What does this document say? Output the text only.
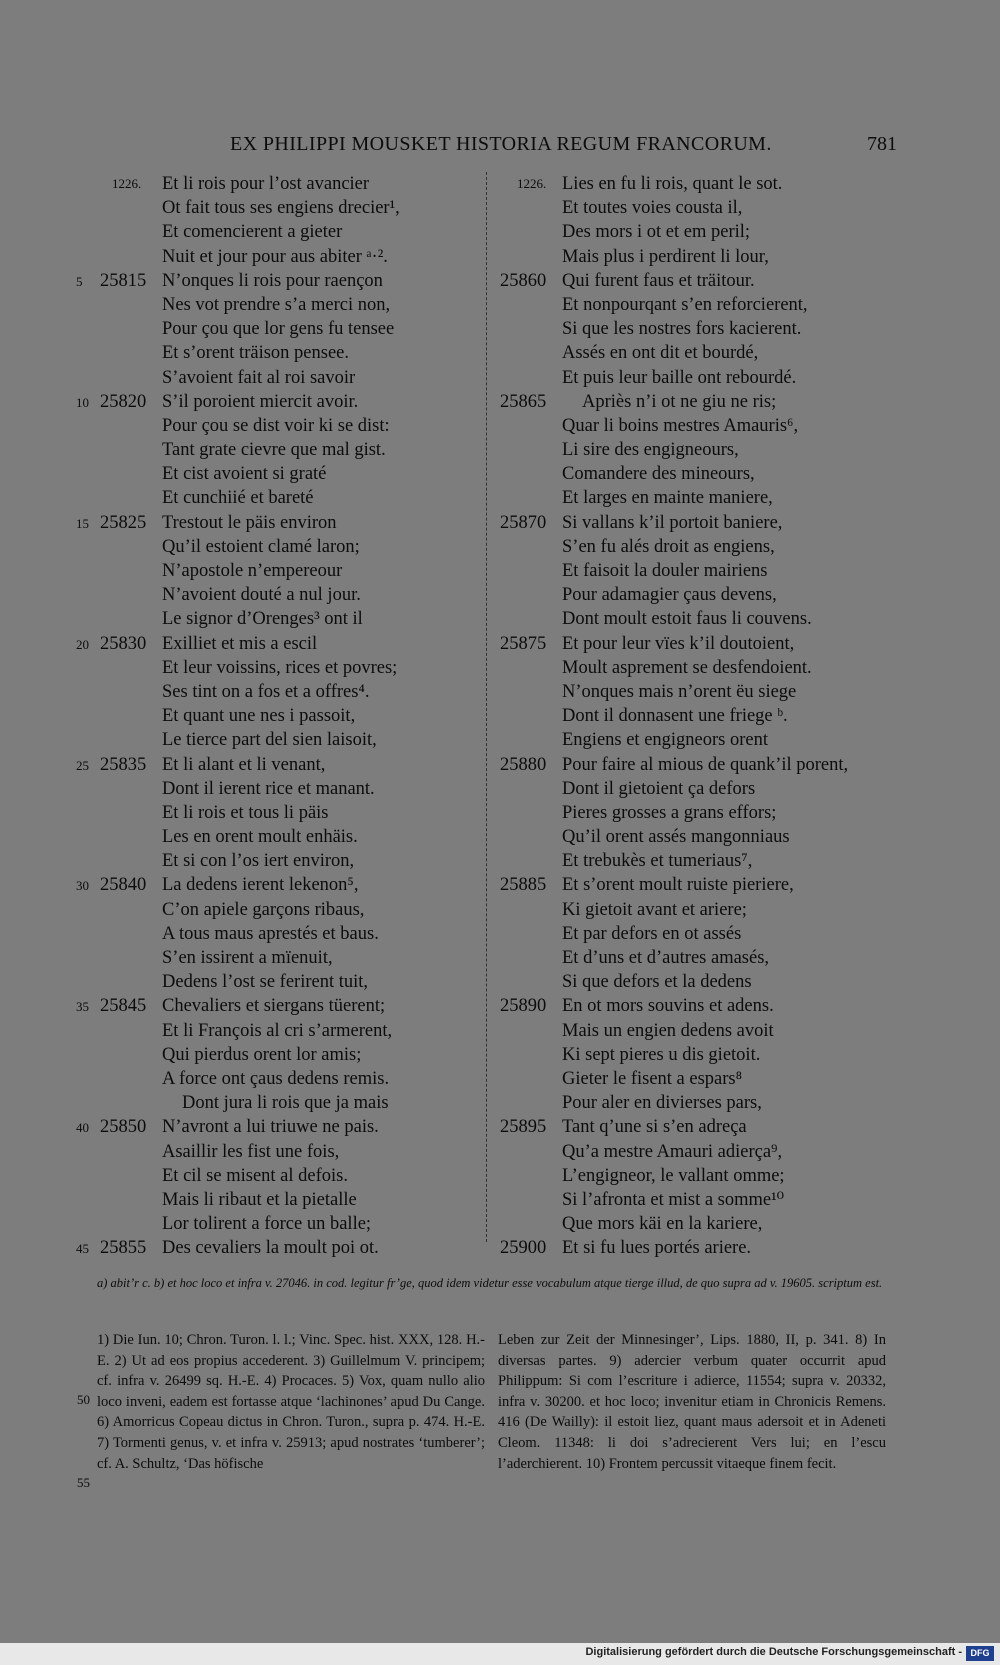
EX PHILIPPI MOUSKET HISTORIA REGUM FRANCORUM.	781
1226. Et li rois pour l’ost avancier
Ot fait tous ses engiens drecier¹,
Et comencierent a gieter
Nuit et jour pour aus abiter ᵃ·².
5 25815 N’onques li rois pour raençon
Nes vot prendre s’a merci non,
Pour çou que lor gens fu tensee
Et s’orent träison pensee.
S’avoient fait al roi savoir
10 25820 S’il poroient miercit avoir.
Pour çou se dist voir ki se dist:
Tant grate cievre que mal gist.
Et cist avoient si graté
Et cunchiié et bareté
15 25825 Trestout le päis environ
Qu’il estoient clamé laron;
N’apostole n’empereour
N’avoient douté a nul jour.
Le signor d’Orenges³ ont il
20 25830 Exilliet et mis a escil
Et leur voissins, rices et povres;
Ses tint on a fos et a offres⁴.
Et quant une nes i passoit,
Le tierce part del sien laisoit,
25 25835 Et li alant et li venant,
Dont il ierent rice et manant.
Et li rois et tous li päis
Les en orent moult enhäis.
Et si con l’os iert environ,
30 25840 La dedens ierent lekenon⁵,
C’on apiele garçons ribaus,
A tous maus aprestés et baus.
S’en issirent a mïenuit,
Dedens l’ost se ferirent tuit,
35 25845 Chevaliers et siergans tüerent;
Et li François al cri s’armerent,
Qui pierdus orent lor amis;
A force ont çaus dedens remis.
Dont jura li rois que ja mais
40 25850 N’avront a lui triuwe ne pais.
Asaillir les fist une fois,
Et cil se misent al defois.
Mais li ribaut et la pietalle
Lor tolirent a force un balle;
45 25855 Des cevaliers la moult poi ot.
1226. Lies en fu li rois, quant le sot.
Et toutes voies cousta il,
Des mors i ot et em peril;
Mais plus i perdirent li lour,
25860 Qui furent faus et träitour.
Et nonpourqant s’en reforcierent,
Si que les nostres fors kacierent.
Assés en ont dit et bourdé,
Et puis leur baille ont rebourdé.
25865 Apriès n’i ot ne giu ne ris;
Quar li boins mestres Amauris⁶,
Li sire des engigneours,
Comandere des mineours,
Et larges en mainte maniere,
25870 Si vallans k’il portoit baniere,
S’en fu alés droit as engiens,
Et faisoit la douler mairiens
Pour adamagier çaus devens,
Dont moult estoit faus li couvens.
25875 Et pour leur vïes k’il doutoient,
Moult asprement se desfendoient.
N’onques mais n’orent ëu siege
Dont il donnasent une friege ᵇ.
Engiens et engigneors orent
25880 Pour faire al mious de quank’il porent,
Dont il gietoient ça defors
Pieres grosses a grans effors;
Qu’il orent assés mangonniaus
Et trebukès et tumeriaus⁷,
25885 Et s’orent moult ruiste pieriere,
Ki gietoit avant et ariere;
Et par defors en ot assés
Et d’uns et d’autres amasés,
Si que defors et la dedens
25890 En ot mors souvins et adens.
Mais un engien dedens avoit
Ki sept pieres u dis gietoit.
Gieter le fisent a espars⁸
Pour aler en divierses pars,
25895 Tant q’une si s’en adreça
Qu’a mestre Amauri adierça⁹,
L’engigneor, le vallant omme;
Si l’afronta et mist a somme¹⁰
Que mors käi en la kariere,
25900 Et si fu lues portés ariere.
a) abit’r c. b) et hoc loco et infra v. 27046. in cod. legitur fr’ge, quod idem videtur esse vocabulum atque tierge illud, de quo supra ad v. 19605. scriptum est.
50
55

1) Die Iun. 10; Chron. Turon. l. l.; Vinc. Spec. hist. XXX, 128. H.-E. 2) Ut ad eos propius accederent. 3) Guillelmum V. principem; cf. infra v. 26499 sq. H.-E. 4) Procaces. 5) Vox, quam nullo alio loco inveni, eadem est fortasse atque ‘lachinones’ apud Du Cange. 6) Amorricus Copeau dictus in Chron. Turon., supra p. 474. H.-E. 7) Tormenti genus, v. et infra v. 25913; apud nostrates ‘tumberer’; cf. A. Schultz, ‘Das höfische

Leben zur Zeit der Minnesinger’, Lips. 1880, II, p. 341. 8) In diversas partes. 9) adercier verbum quater occurrit apud Philippum: Si com l’escriture i adierce, 11554; supra v. 20332, infra v. 30200. et hoc loco; invenitur etiam in Chronicis Remens. 416 (De Wailly): il estoit liez, quant maus adersoit et in Adeneti Cleom. 11348: li doi s’adrecierent Vers lui; en l’escu l’aderchierent. 10) Frontem percussit vitaeque finem fecit.

Digitalisierung gefördert durch die Deutsche Forschungsgemeinschaft - DFG
